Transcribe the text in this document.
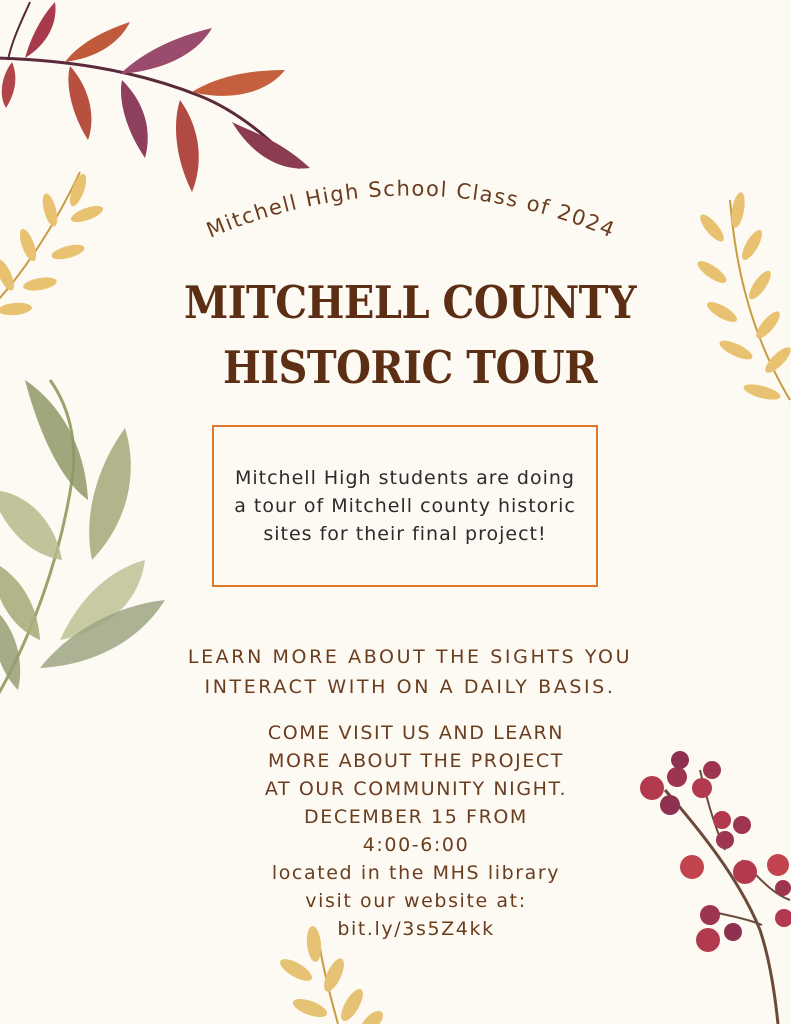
Mitchell High School Class of 2024
MITCHELL COUNTY
HISTORIC TOUR
Mitchell High students are doing a tour of Mitchell county historic sites for their final project!
LEARN MORE ABOUT THE SIGHTS YOU INTERACT WITH ON A DAILY BASIS.
COME VISIT US AND LEARN
MORE ABOUT THE PROJECT
AT OUR COMMUNITY NIGHT.
DECEMBER 15 FROM
4:00-6:00
located in the MHS library
visit our website at:
bit.ly/3s5Z4kk
